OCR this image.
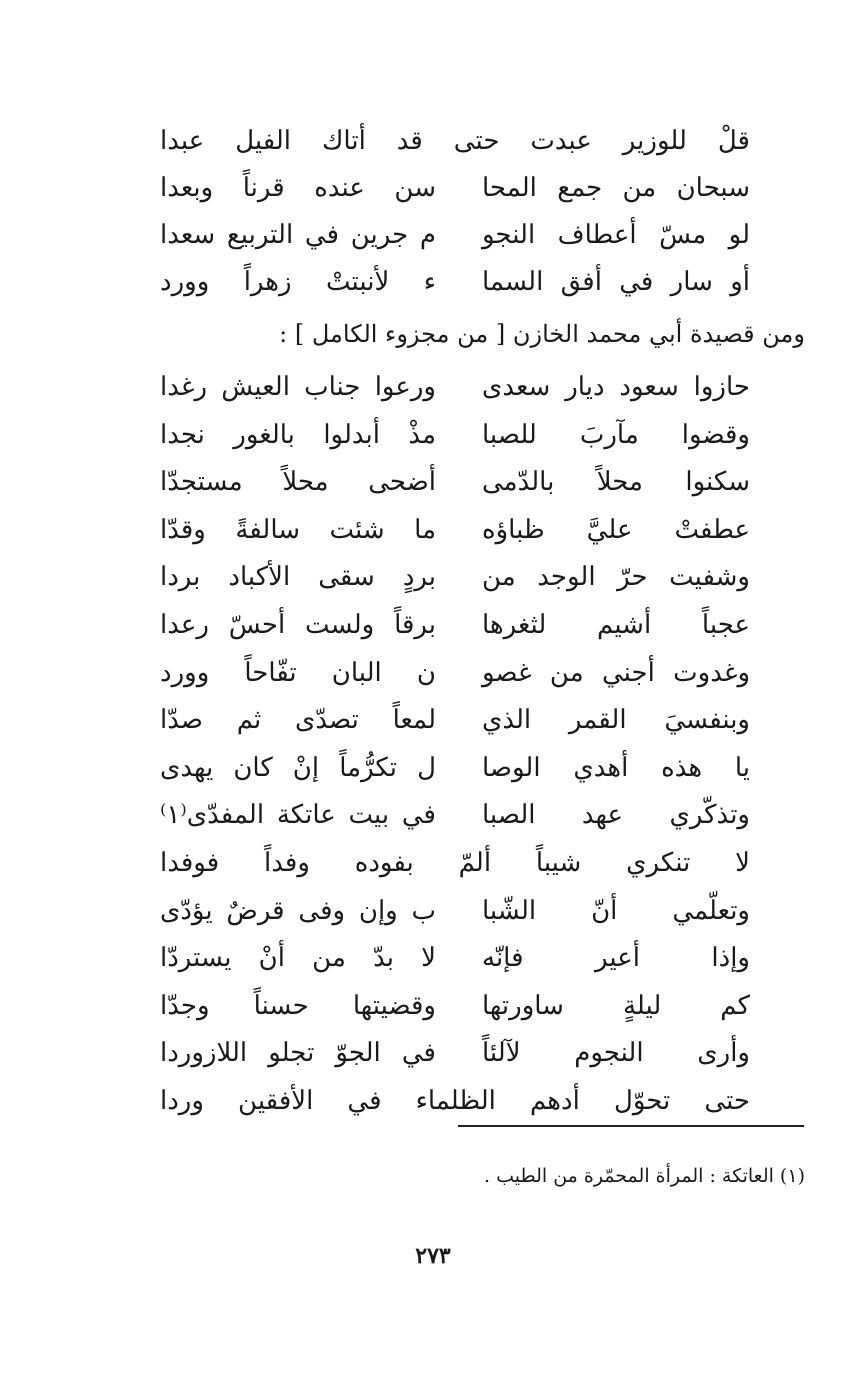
قلْ للوزير عبدت حتى قد أتاك الفيل عبدا
سبحان من جمع المحا
سن عنده قرناً وبعدا
لو مسّ أعطاف النجو
م جرين في التربيع سعدا
أو سار في أفق السما
ء لأنبتتْ زهراً وورد
ومن قصيدة أبي محمد الخازن [ من مجزوء الكامل ] :
حازوا سعود ديار سعدى
ورعوا جناب العيش رغدا
وقضوا مآربَ للصبا
مذْ أبدلوا بالغور نجدا
سكنوا محلاً بالدّمى
أضحى محلاً مستجدّا
عطفتْ عليَّ ظباؤه
ما شئت سالفةً وقدّا
وشفيت حرّ الوجد من
بردٍ سقى الأكباد بردا
عجباً أشيم لثغرها
برقاً ولست أحسّ رعدا
وغدوت أجني من غصو
ن البان تفّاحاً وورد
وبنفسيَ القمر الذي
لمعاً تصدّى ثم صدّا
يا هذه أهدي الوصا
ل تكرُّماً إنْ كان يهدى
وتذكّري عهد الصبا
في بيت عاتكة المفدّى⁽١⁾
لا تنكري شيباً ألمّ بفوده وفداً فوفدا
وتعلّمي أنّ الشّبا
ب وإن وفى قرضٌ يؤدّى
وإذا أعير فإنّه
لا بدّ من أنْ يستردّا
كم ليلةٍ ساورتها
وقضيتها حسناً وجدّا
وأرى النجوم لآلئاً
في الجوّ تجلو اللازوردا
حتى تحوّل أدهم الظلماء في الأفقين وردا
(١) العاتكة : المرأة المحمّرة من الطيب .
٢٧٣
